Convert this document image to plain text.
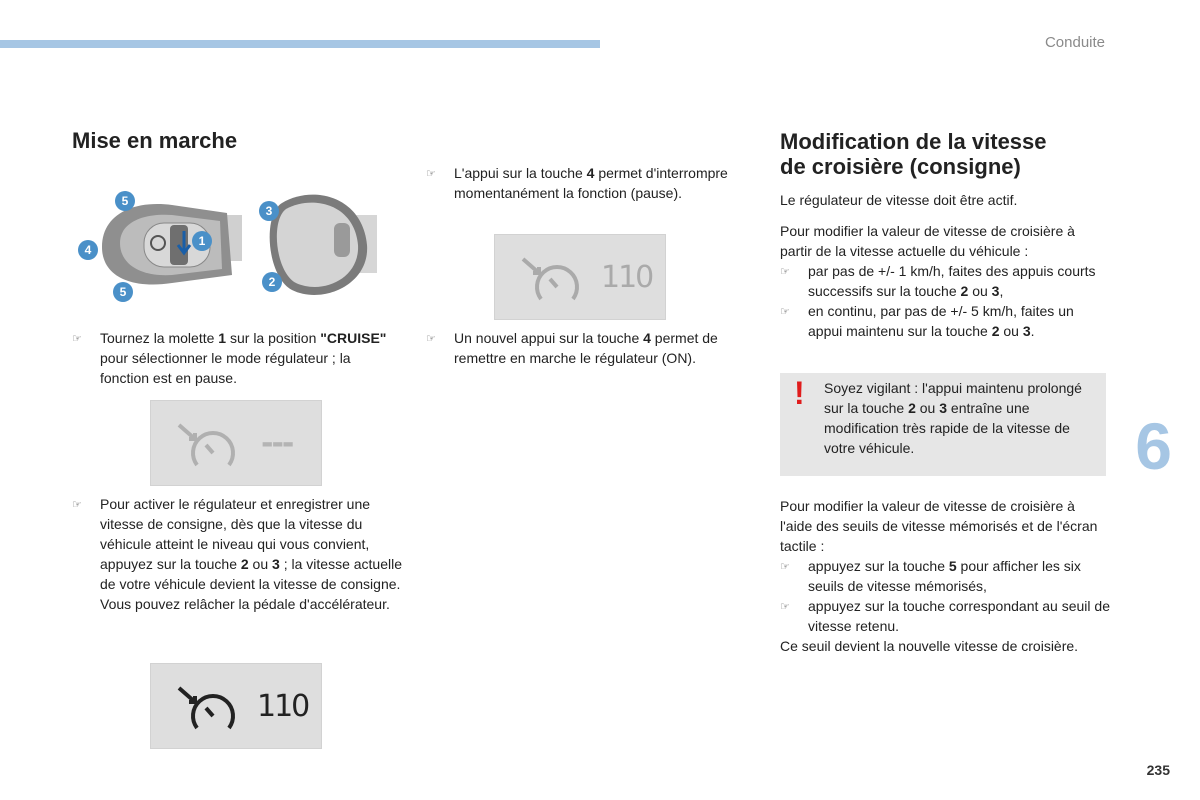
Conduite
6
235
Mise en marche
5
4
1
5
3
2
☞	Tournez la molette 1 sur la position "CRUISE" pour sélectionner le mode régulateur ; la fonction est en pause.
---
☞	Pour activer le régulateur et enregistrer une vitesse de consigne, dès que la vitesse du véhicule atteint le niveau qui vous convient, appuyez sur la touche 2 ou 3 ; la vitesse actuelle de votre véhicule devient la vitesse de consigne.
Vous pouvez relâcher la pédale d'accélérateur.
110
☞	L'appui sur la touche 4 permet d'interrompre momentanément la fonction (pause).
110
☞	Un nouvel appui sur la touche 4 permet de remettre en marche le régulateur (ON).
Modification de la vitesse
de croisière (consigne)
Le régulateur de vitesse doit être actif.
Pour modifier la valeur de vitesse de croisière à partir de la vitesse actuelle du véhicule :
☞	par pas de +/- 1 km/h, faites des appuis courts successifs sur la touche 2 ou 3,
☞	en continu, par pas de +/- 5 km/h, faites un appui maintenu sur la touche 2 ou 3.
! Soyez vigilant : l'appui maintenu prolongé sur la touche 2 ou 3 entraîne une modification très rapide de la vitesse de votre véhicule.
Pour modifier la valeur de vitesse de croisière à l'aide des seuils de vitesse mémorisés et de l'écran tactile :
☞	appuyez sur la touche 5 pour afficher les six seuils de vitesse mémorisés,
☞	appuyez sur la touche correspondant au seuil de vitesse retenu.
Ce seuil devient la nouvelle vitesse de croisière.
